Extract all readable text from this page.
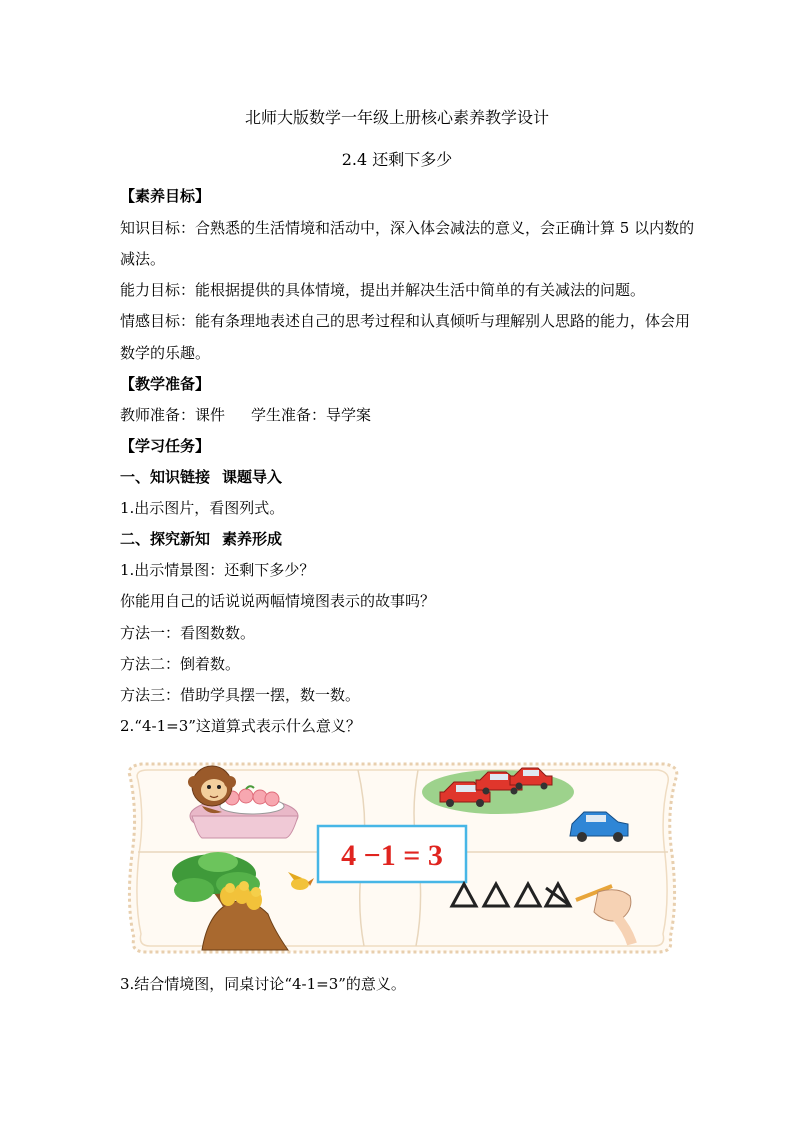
北师大版数学一年级上册核心素养教学设计
2.4 还剩下多少
【素养目标】
知识目标：合熟悉的生活情境和活动中，深入体会减法的意义，会正确计算 5 以内数的
减法。
能力目标：能根据提供的具体情境，提出并解决生活中简单的有关减法的问题。
情感目标：能有条理地表述自己的思考过程和认真倾听与理解别人思路的能力，体会用
数学的乐趣。
【教学准备】
教师准备：课件 学生准备：导学案
【学习任务】
一、知识链接 课题导入
1.出示图片，看图列式。
二、探究新知 素养形成
1.出示情景图：还剩下多少？
你能用自己的话说说两幅情境图表示的故事吗？
方法一：看图数数。
方法二：倒着数。
方法三：借助学具摆一摆，数一数。
2.“4-1=3”这道算式表示什么意义？
4 −1 = 3
3.结合情境图，同桌讨论“4-1=3”的意义。
